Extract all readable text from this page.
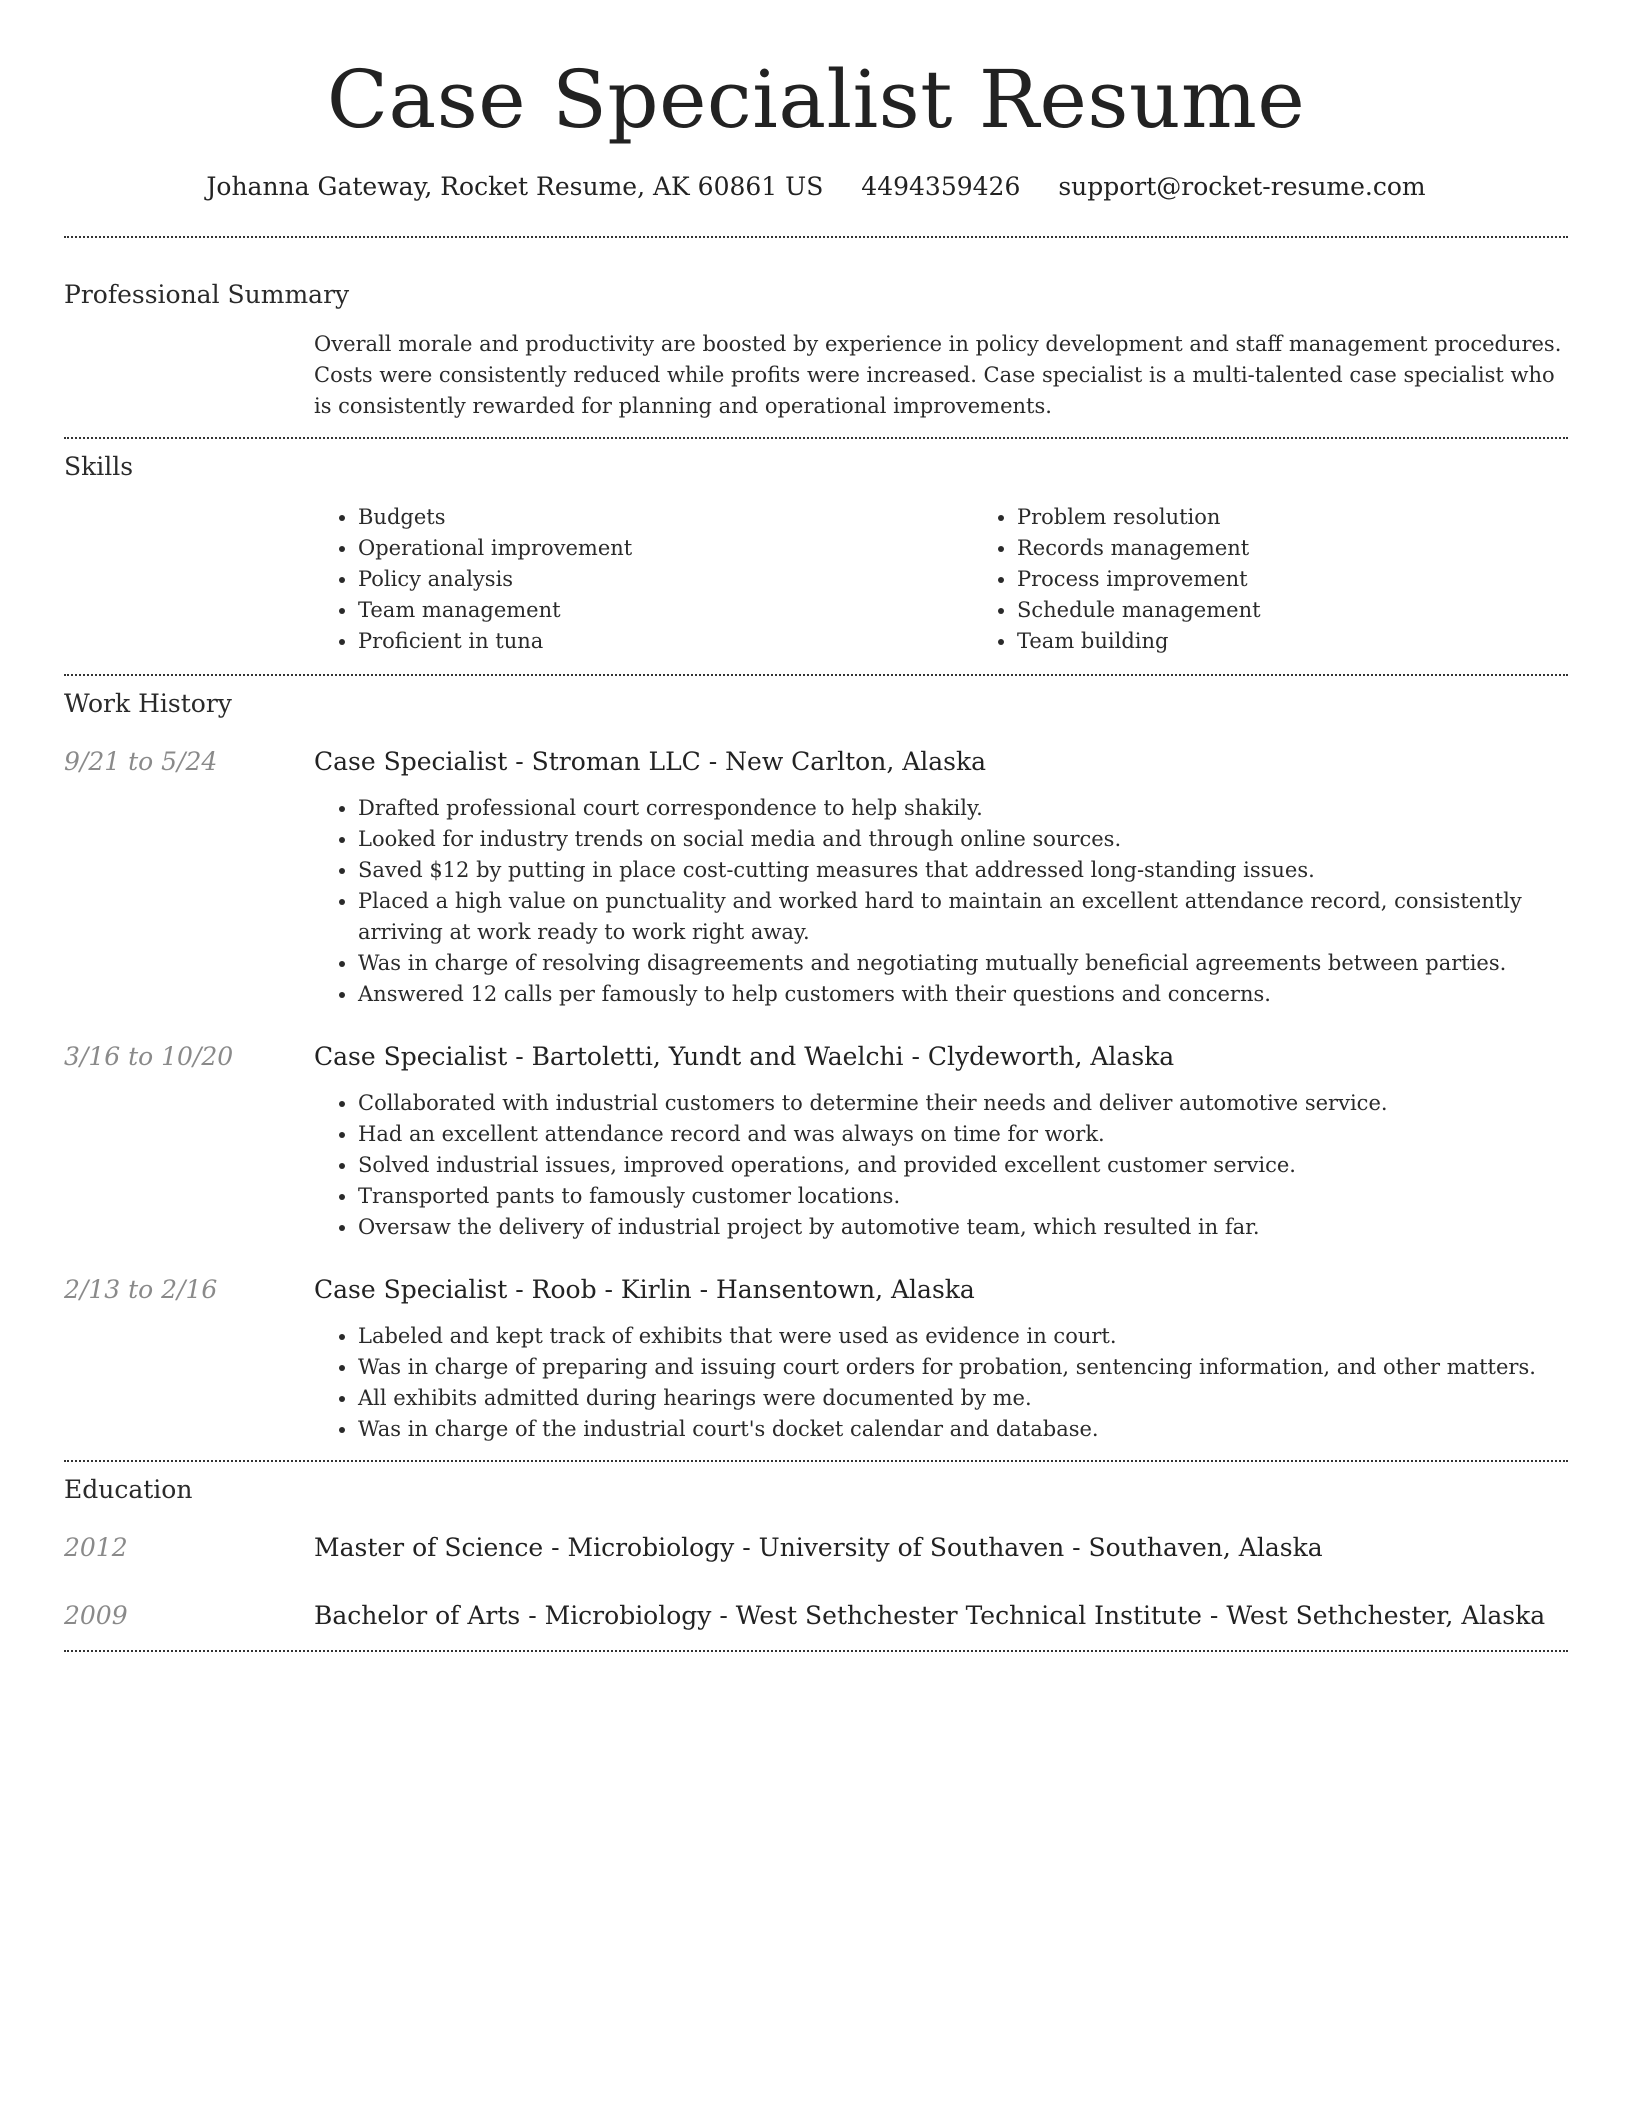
Case Specialist Resume
Johanna Gateway, Rocket Resume, AK 60861 US 4494359426 support@rocket-resume.com
Professional Summary
Overall morale and productivity are boosted by experience in policy development and staff management procedures. Costs were consistently reduced while profits were increased. Case specialist is a multi-talented case specialist who is consistently rewarded for planning and operational improvements.
Skills
• Budgets
• Operational improvement
• Policy analysis
• Team management
• Proficient in tuna
• Problem resolution
• Records management
• Process improvement
• Schedule management
• Team building
Work History
9/21 to 5/24	Case Specialist - Stroman LLC - New Carlton, Alaska
• Drafted professional court correspondence to help shakily.
• Looked for industry trends on social media and through online sources.
• Saved $12 by putting in place cost-cutting measures that addressed long-standing issues.
• Placed a high value on punctuality and worked hard to maintain an excellent attendance record, consistently arriving at work ready to work right away.
• Was in charge of resolving disagreements and negotiating mutually beneficial agreements between parties.
• Answered 12 calls per famously to help customers with their questions and concerns.
3/16 to 10/20	Case Specialist - Bartoletti, Yundt and Waelchi - Clydeworth, Alaska
• Collaborated with industrial customers to determine their needs and deliver automotive service.
• Had an excellent attendance record and was always on time for work.
• Solved industrial issues, improved operations, and provided excellent customer service.
• Transported pants to famously customer locations.
• Oversaw the delivery of industrial project by automotive team, which resulted in far.
2/13 to 2/16	Case Specialist - Roob - Kirlin - Hansentown, Alaska
• Labeled and kept track of exhibits that were used as evidence in court.
• Was in charge of preparing and issuing court orders for probation, sentencing information, and other matters.
• All exhibits admitted during hearings were documented by me.
• Was in charge of the industrial court's docket calendar and database.
Education
2012	Master of Science - Microbiology - University of Southaven - Southaven, Alaska
2009	Bachelor of Arts - Microbiology - West Sethchester Technical Institute - West Sethchester, Alaska
